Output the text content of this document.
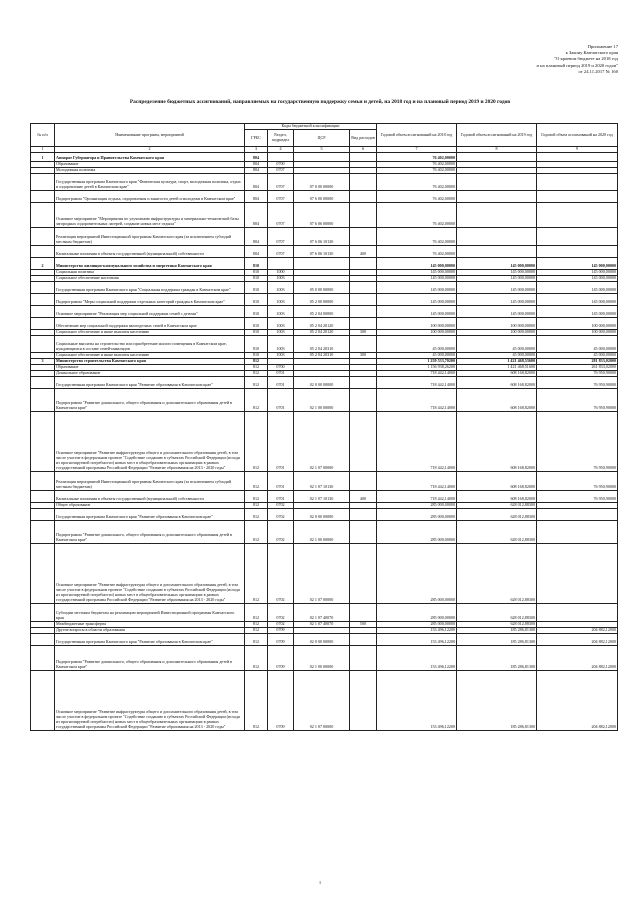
Приложение 17
к Закону Камчатского края
"О краевом бюджете на 2018 год
и на плановый период 2019 и 2020 годов"
от 24.11.2017 № 160
Распределение бюджетных ассигнований, направляемых на государственную поддержку семьи и детей, на 2018 год и на плановый период 2019 и 2020 годов
№ п/п	Наименование программ, мероприятий	Коды бюджетной классификации				Годовой объем ассигнований на 2018 год	Годовой объем ассигнований на 2019 год	Годовой объем ассигнований на 2020 год
		ГРБС	Раздел, подраздел	ЦСР	Вид расходов			
1	2	3	4	5	6	7	8	9
1	Аппарат Губернатора и Правительства Камчатского края	804				76 402,00000		
	Образование	804	0700			76 402,00000		
	Молодежная политика	804	0707			76 402,00000		
	Государственная программа Камчатского края "Физическая культура, спорт, молодежная политика, отдых и оздоровление детей в Камчатском крае"	804	0707	07 0 00 00000		76 402,00000		
	Подпрограмма "Организация отдыха, оздоровления и занятости детей и молодежи в Камчатском крае"	804	0707	07 6 00 00000		76 402,00000		
	Основное мероприятие "Мероприятия по улучшению инфраструктуры и материально-технической базы загородных оздоровительных лагерей, создание новых мест отдыха"	804	0707	07 6 06 00000		76 402,00000		
	Реализация мероприятий Инвестиционной программы Камчатского края (за исключением субсидий местным бюджетам)	804	0707	07 6 06 10130		76 402,00000		
	Капитальные вложения в объекты государственной (муниципальной) собственности	804	0707	07 6 06 10130	400	76 402,00000		
2	Министерство жилищно-коммунального хозяйства и энергетики Камчатского края	810				145 000,00000	145 000,00000	145 000,00000
	Социальная политика	810	1000			145 000,00000	145 000,00000	145 000,00000
	Социальное обеспечение населения	810	1003			145 000,00000	145 000,00000	145 000,00000
	Государственная программа Камчатского края "Социальная поддержка граждан в Камчатском крае"	810	1003	05 0 00 00000		145 000,00000	145 000,00000	145 000,00000
	Подпрограмма "Меры социальной поддержки отдельных категорий граждан в Камчатском крае"	810	1003	05 2 00 00000		145 000,00000	145 000,00000	145 000,00000
	Основное мероприятие "Реализация мер социальной поддержки семей с детьми"	810	1003	05 2 04 00000		145 000,00000	145 000,00000	145 000,00000
	Обеспечение мер социальной поддержки многодетных семей в Камчатском крае	810	1003	05 2 04 20120		100 000,00000	100 000,00000	100 000,00000
	Социальное обеспечение и иные выплаты населению	810	1003	05 2 04 20120	300	100 000,00000	100 000,00000	100 000,00000
	Социальные выплаты на строительство или приобретение жилого помещения в Камчатском крае, нуждающимся в составе семей-инвалидов	810	1003	05 2 04 20310		45 000,00000	45 000,00000	45 000,00000
	Социальное обеспечение и иные выплаты населению	810	1003	05 2 04 20310	300	45 000,00000	45 000,00000	45 000,00000
3	Министерство строительства Камчатского края	812				1 259 533,70200	1 421 468,53600	281 833,02000
	Образование	812	0700			1 156 938,26200	1 421 468,51600	261 833,02000
	Дошкольное образование	812	0701			718 442,14000	608 168,82000	76 950,90000
	Государственная программа Камчатского края "Развитие образования в Камчатском крае"	812	0701	02 0 00 00000		718 442,14000	608 168,82000	76 950,90000
	Подпрограмма "Развитие дошкольного, общего образования и дополнительного образования детей в Камчатском крае"	812	0701	02 1 00 00000		718 442,14000	608 168,82000	76 950,90000
	Основное мероприятие "Развитие инфраструктуры общего и дополнительного образования детей, в том числе участие в федеральном проекте "Содействие созданию в субъектах Российской Федерации (исходя из прогнозируемой потребности) новых мест в общеобразовательных организациях в рамках государственной программы Российской Федерации "Развитие образования на 2013 - 2020 годы"	812	0701	02 1 07 00000		718 442,14000	608 168,82000	76 950,90000
	Реализация мероприятий Инвестиционной программы Камчатского края (за исключением субсидий местным бюджетам)	812	0701	02 1 07 10130		718 442,14000	608 168,82000	76 950,90000
	Капитальные вложения в объекты государственной (муниципальной) собственности	812	0701	02 1 07 10130	400	718 442,14000	608 168,82000	76 950,90000
	Общее образование	812	0702			285 000,00000	628 012,88300	
	Государственная программа Камчатского края "Развитие образования в Камчатском крае"	812	0702	02 0 00 00000		285 000,00000	628 012,88300	
	Подпрограмма "Развитие дошкольного, общего образования и дополнительного образования детей в Камчатском крае"	812	0702	02 1 00 00000		285 000,00000	628 012,88300	
	Основное мероприятие "Развитие инфраструктуры общего и дополнительного образования детей, в том числе участие в федеральном проекте "Содействие созданию в субъектах Российской Федерации (исходя из прогнозируемой потребности) новых мест в общеобразовательных организациях в рамках государственной программы Российской Федерации "Развитие образования на 2013 - 2020 годы"	812	0702	02 1 07 00000		285 000,00000	628 012,88300	
	Субсидии местным бюджетам на реализацию мероприятий Инвестиционной программы Камчатского края	812	0702	02 1 07 40070		285 000,00000	628 012,88300	
	Межбюджетные трансферты	812	0702	02 1 07 40070	500	285 000,00000	628 012,88300	
	Другие вопросы в области образования	812	0709			153 496,12200	185 286,81300	204 882,12000
	Государственная программа Камчатского края "Развитие образования в Камчатском крае"	812	0709	02 0 00 00000		153 496,12200	185 286,81300	204 882,12000
	Подпрограмма "Развитие дошкольного, общего образования и дополнительного образования детей в Камчатском крае"	812	0709	02 1 00 00000		153 496,12200	185 286,81300	204 882,12000
	Основное мероприятие "Развитие инфраструктуры общего и дополнительного образования детей, в том числе участие в федеральном проекте "Содействие созданию в субъектах Российской Федерации (исходя из прогнозируемой потребности) новых мест в общеобразовательных организациях в рамках государственной программы Российской Федерации "Развитие образования на 2013 - 2020 годы"	812	0709	02 1 07 00000		153 496,12200	185 286,81300	204 882,12000
1
